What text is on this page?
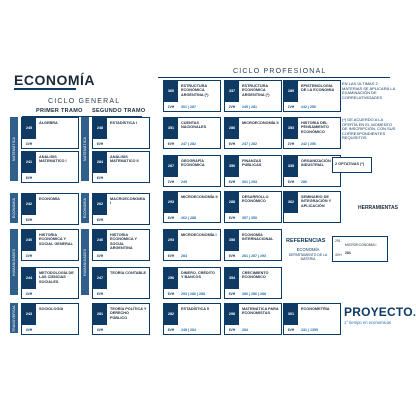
ECONOMÍA
CICLO GENERAL
CICLO PROFESIONAL
PRIMER TRAMO SEGUNDO TRAMO
MATEMÁTICA	MATEMÁTICA
ECONOMÍA	ECONOMÍA
HUMANIDADES	HUMANIDADES
TRANSVERSAL
245
4VH
ÁLGEBRA
248
6VH
ESTADÍSTICA I
241
6VH
ANÁLISIS MATEMÁTICO I	284
6VH
ANÁLISIS MATEMÁTICO II
242
6VH
ECONOMÍA
262
6VH
MACROECONOMÍA I
240
4VH
HISTORIA ECONÓMICA Y SOCIAL GENERAL
246
4VH
HISTORIA ECONÓMICA Y SOCIAL ARGENTINA
244
4VH
METODOLOGÍA DE LAS CIENCIAS SOCIALES
247
6VH
TEORÍA CONTABLE
243
4VH
SOCIOLOGÍA
281
4VH
TEORÍA POLÍTICA Y DERECHO PÚBLICO
360
2VH
ESTRUCTURA ECONÓMICA ARGENTINA (*)
301 | 287
337
2VH
ESTRUCTURA ECONÓMICA ARGENTINA (*)
249 | 281
289
2VH
EPISTEMOLOGÍA DE LA ECONOMÍA
242 | 256
351
6VH
CUENTAS NACIONALES
247 | 282
286
6VH
MICROECONOMÍA II
247 | 282
353
2VH
HISTORIA DEL PENSAMIENTO ECONÓMICO
242 | 256
287
2VH
GEOGRAFÍA ECONÓMICA
249
356
6VH
FINANZAS PÚBLICAS
301 | 293
335
6VH
ORGANIZACIÓN INDUSTRIAL
286
293
6VH
MICROECONOMÍA II
262 | 288
288
6VH
DESARROLLO ECONÓMICO
357 | 350
362
SEMINARIO DE INTEGRACIÓN Y APLICACIÓN
293
6VH
MICROECONOMÍA I
284
358
6VH
ECONOMÍA INTERNACIONAL
281 | 287 | 293
256
6VH
DINERO, CRÉDITO Y BANCOS
293 | 286 | 288
354
6VH
CRECIMIENTO ECONÓMICO
286 | 286 | 288
282
6VH
ESTADÍSTICA II
248 | 284
298
6VH
MATEMÁTICA PARA ECONOMISTAS
284
301
6VH
ECONOMETRÍA
231 | 1359
2 OPTATIVAS (*)
EN LAS ÚLTIMAS 2 MATERIAS SE APLICARÁ LA EXAMINACIÓN DE CORRELATIVIDADES
(*) DE ACUERDO A LA OFERTA EN EL MOMENTO DE INSCRIPCIÓN, CON SUS CORRESPONDIENTES REQUISITOS
HERRAMIENTAS
REFERENCIAS
ECONOMÍA
DEPARTAMENTO DE LA MATERIA
291
MICROECONOMÍA I
4VH 284
PROYECTO.
1° tiempo en economicas
